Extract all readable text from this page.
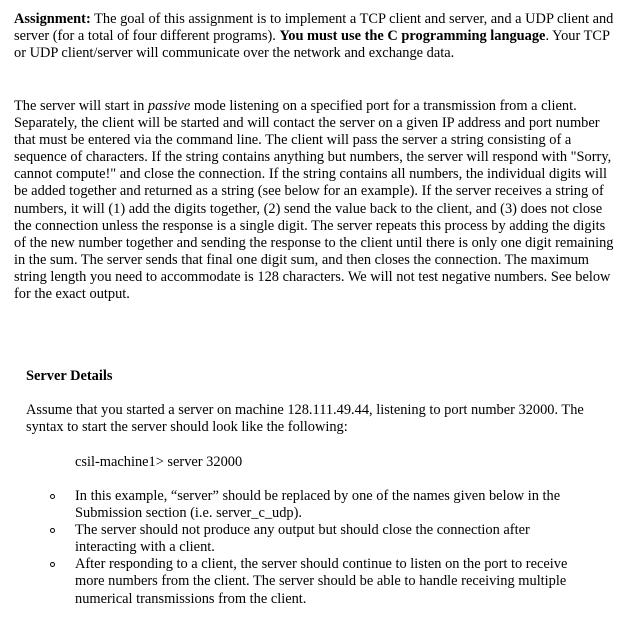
Assignment: The goal of this assignment is to implement a TCP client and server, and a UDP client and server (for a total of four different programs). You must use the C programming language. Your TCP or UDP client/server will communicate over the network and exchange data.

The server will start in passive mode listening on a specified port for a transmission from a client. Separately, the client will be started and will contact the server on a given IP address and port number that must be entered via the command line. The client will pass the server a string consisting of a sequence of characters. If the string contains anything but numbers, the server will respond with "Sorry, cannot compute!" and close the connection. If the string contains all numbers, the individual digits will be added together and returned as a string (see below for an example). If the server receives a string of numbers, it will (1) add the digits together, (2) send the value back to the client, and (3) does not close the connection unless the response is a single digit. The server repeats this process by adding the digits of the new number together and sending the response to the client until there is only one digit remaining in the sum. The server sends that final one digit sum, and then closes the connection. The maximum string length you need to accommodate is 128 characters. We will not test negative numbers. See below for the exact output.

Server Details

Assume that you started a server on machine 128.111.49.44, listening to port number 32000. The syntax to start the server should look like the following:

csil-machine1> server 32000
In this example, “server” should be replaced by one of the names given below in the Submission section (i.e. server_c_udp).
The server should not produce any output but should close the connection after interacting with a client.
After responding to a client, the server should continue to listen on the port to receive more numbers from the client. The server should be able to handle receiving multiple numerical transmissions from the client.
